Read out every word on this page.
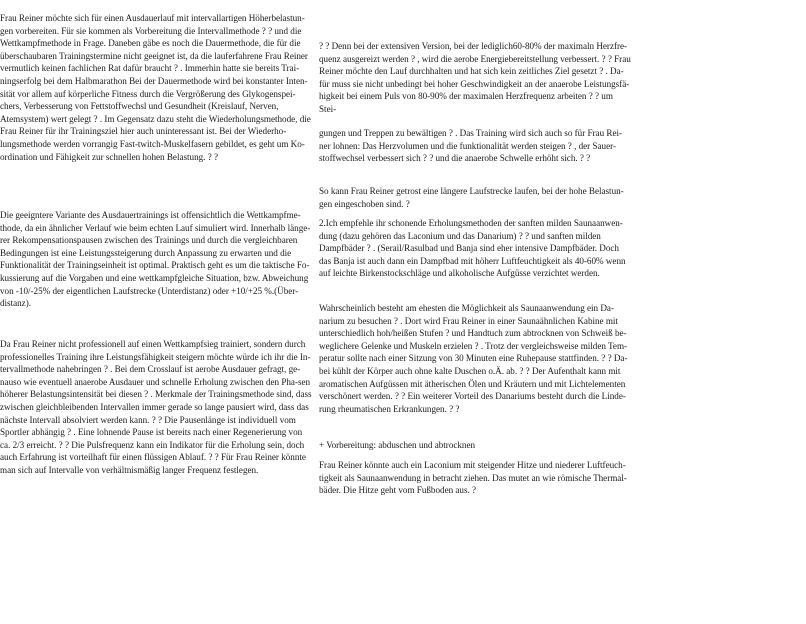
Frau Reiner möchte sich für einen Ausdauerlauf mit intervallartigen Höherbelastun-gen vorbereiten. Für sie kommen als Vorbereitung die Intervallmethode ? ? und die Wettkampfmethode in Frage. Daneben gäbe es noch die Dauermethode, die für die überschaubaren Trainingstermine nicht geeignet ist, da die lauferfahrene Frau Reiner vermutlich keinen fachlichen Rat dafür braucht ? . Immerhin hatte sie bereits Trai-ningserfolg bei dem Halbmarathon Bei der Dauermethode wird bei konstanter Inten-sität vor allem auf körperliche Fitness durch die Vergrößerung des Glykogenspei-chers, Verbesserung von Fettstoffwechsl und Gesundheit (Kreislauf, Nerven, Atemsystem) wert gelegt ? . Im Gegensatz dazu steht die Wiederholungsmethode, die Frau Reiner für ihr Trainingsziel hier auch uninteressant ist. Bei der Wiederho-lungsmethode werden vorrangig Fast-twitch-Muskelfasern gebildet, es geht um Ko-ordination und Fähigkeit zur schnellen hohen Belastung. ? ?

Die geeigntere Variante des Ausdauertrainings ist offensichtlich die Wettkampfme-thode, da ein ähnlicher Verlauf wie beim echten Lauf simuliert wird. Innerhalb länge-rer Rekompensationspausen zwischen des Trainings und durch die vergleichbaren Bedingungen ist eine Leistungssteigerung durch Anpassung zu erwarten und die Funktionalität der Trainingseinheit ist optimal. Praktisch geht es um die taktische Fo-kussierung auf die Vorgaben und eine wettkampfgleiche Situation, bzw. Abweichung von -10/-25% der eigentlichen Laufstrecke (Unterdistanz) oder +10/+25 %.(Über-distanz).

Da Frau Reiner nicht professionell auf einen Wettkampfsieg trainiert, sondern durch professionelles Training ihre Leistungsfähigkeit steigern möchte würde ich ihr die In-tervallmethode nahebringen ? . Bei dem Crosslauf ist aerobe Ausdauer gefragt, ge-nauso wie eventuell anaerobe Ausdauer und schnelle Erholung zwischen den Pha-sen höherer Belastungsintensität bei diesen ? . Merkmale der Trainingsmethode sind, dass zwischen gleichbleibenden Intervallen immer gerade so lange pausiert wird, dass das nächste Intervall absolviert werden kann. ? ? Die Pausenlänge ist individuell vom Sportler abhängig ? . Eine lohnende Pause ist bereits nach einer Regenerierung von ca. 2/3 erreicht. ? ? Die Pulsfrequenz kann ein Indikator für die Erholung sein, doch auch Erfahrung ist vorteilhaft für einen flüssigen Ablauf. ? ? Für Frau Reiner könnte man sich auf Intervalle von verhältnismäßig langer Frequenz festlegen.

? ? Denn bei der extensiven Version, bei der lediglich60-80% der maximaln Herzfre-quenz ausgereizt werden ? , wird die aerobe Energiebereitstellung verbessert. ? ? Frau Reiner möchte den Lauf durchhalten und hat sich kein zeitliches Ziel gesetzt ? . Da-für muss sie nicht unbedingt bei hoher Geschwindigkeit an der anaerobe Leistungsfä-higkeit bei einem Puls von 80-90% der maximalen Herzfrequenz arbeiten ? ? um Stei-

gungen und Treppen zu bewältigen ? . Das Training wird sich auch so für Frau Rei-ner lohnen: Das Herzvolumen und die funktionalität werden steigen ? , der Sauer-stoffwechsel verbessert sich ? ? und die anaerobe Schwelle erhöht sich. ? ?

So kann Frau Reiner getrost eine längere Laufstrecke laufen, bei der hohe Belastun-gen eingeschoben sind. ?

2.Ich empfehle ihr schonende Erholungsmethoden der sanften milden Saunaanwen-dung (dazu gehören das Laconium und das Danarium) ? ? und sanften milden Dampfbäder ? . (Serail/Rasulbad und Banja sind eher intensive Dampfbäder. Doch das Banja ist auch dann ein Dampfbad mit höherr Luftfeuchtigkeit als 40-60% wenn auf leichte Birkenstockschläge und alkoholische Aufgüsse verzichtet werden.

Wahrscheinlich besteht am ehesten die Möglichkeit als Saunaanwendung ein Da-narium zu besuchen ? . Dort wird Frau Reiner in einer Saunaähnlichen Kabine mit unterschiedlich hoh/heißen Stufen ? und Handtuch zum abtrocknen von Schweiß be-weglichere Gelenke und Muskeln erzielen ? . Trotz der vergleichsweise milden Tem-peratur sollte nach einer Sitzung von 30 Minuten eine Ruhepause stattfinden. ? ? Da-bei kühlt der Körper auch ohne kalte Duschen o.Ä. ab. ? ? Der Aufenthalt kann mit aromatischen Aufgüssen mit ätherischen Ölen und Kräutern und mit Lichtelementen verschönert werden. ? ? Ein weiterer Vorteil des Danariums besteht durch die Linde-rung rheumatischen Erkrankungen. ? ?

+ Vorbereitung: abduschen und abtrocknen

Frau Reiner könnte auch ein Laconium mit steigender Hitze und niederer Luftfeuch-tigkeit als Saunaanwendung in betracht ziehen. Das mutet an wie römische Thermal-bäder. Die Hitze geht vom Fußboden aus. ?
